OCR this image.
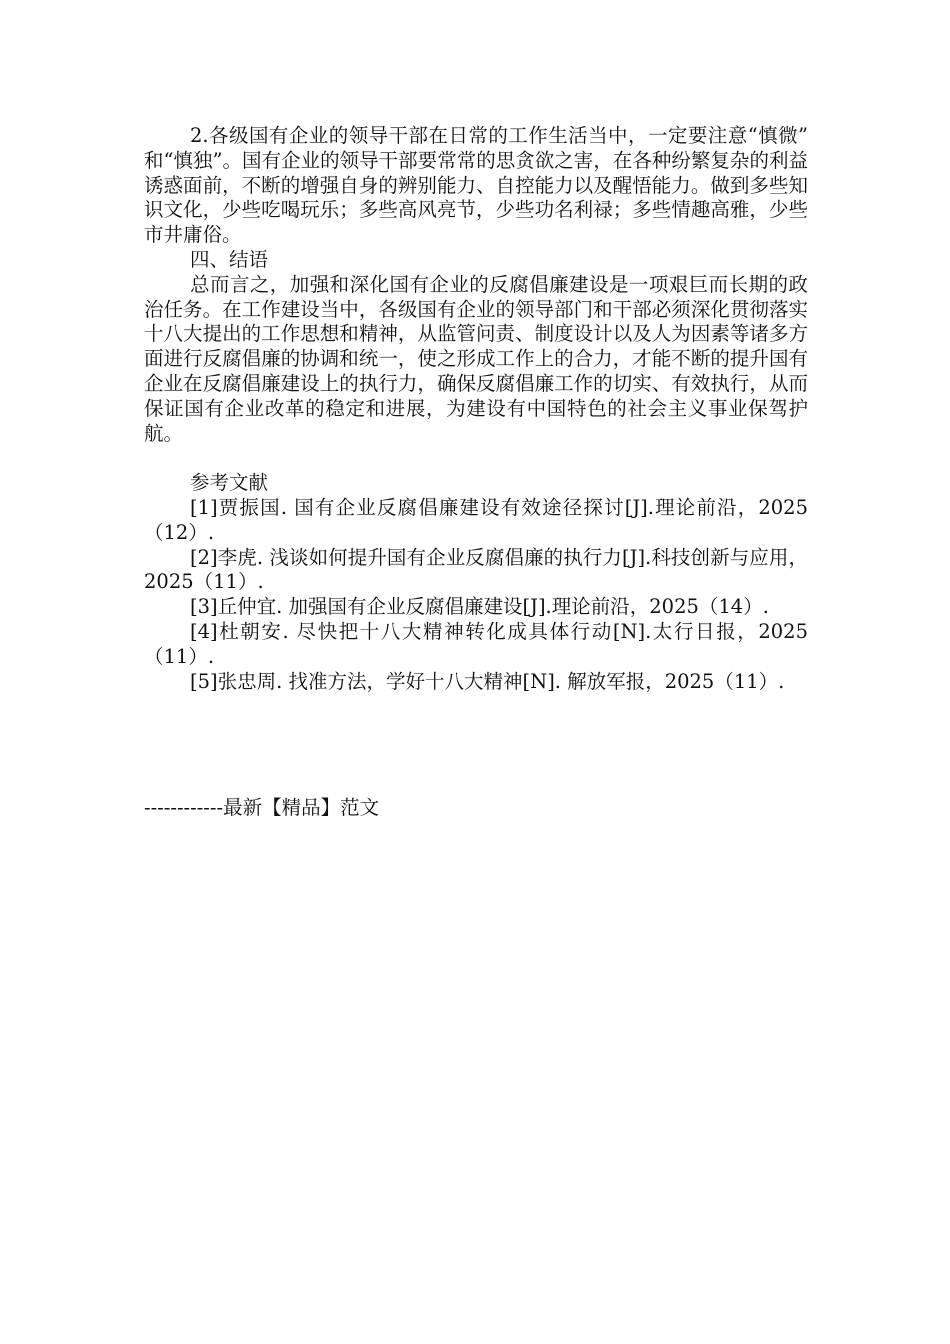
2.各级国有企业的领导干部在日常的工作生活当中，一定要注意“慎微” 和“慎独”。国有企业的领导干部要常常的思贪欲之害，在各种纷繁复杂的利益诱惑面前，不断的增强自身的辨别能力、自控能力以及醒悟能力。做到多些知识文化，少些吃喝玩乐；多些高风亮节，少些功名利禄；多些情趣高雅，少些市井庸俗。

四、结语

总而言之，加强和深化国有企业的反腐倡廉建设是一项艰巨而长期的政治任务。在工作建设当中，各级国有企业的领导部门和干部必须深化贯彻落实十八大提出的工作思想和精神，从监管问责、制度设计以及人为因素等诸多方面进行反腐倡廉的协调和统一，使之形成工作上的合力，才能不断的提升国有企业在反腐倡廉建设上的执行力，确保反腐倡廉工作的切实、有效执行，从而保证国有企业改革的稳定和进展，为建设有中国特色的社会主义事业保驾护航。

参考文献

[1]贾振国. 国有企业反腐倡廉建设有效途径探讨[J].理论前沿，2025（12）.

[2]李虎. 浅谈如何提升国有企业反腐倡廉的执行力[J].科技创新与应用，2025（11）.

[3]丘仲宜. 加强国有企业反腐倡廉建设[J].理论前沿，2025（14）.

[4]杜朝安. 尽快把十八大精神转化成具体行动[N].太行日报，2025（11）.

[5]张忠周. 找准方法，学好十八大精神[N]. 解放军报，2025（11）.

------------最新【精品】范文
